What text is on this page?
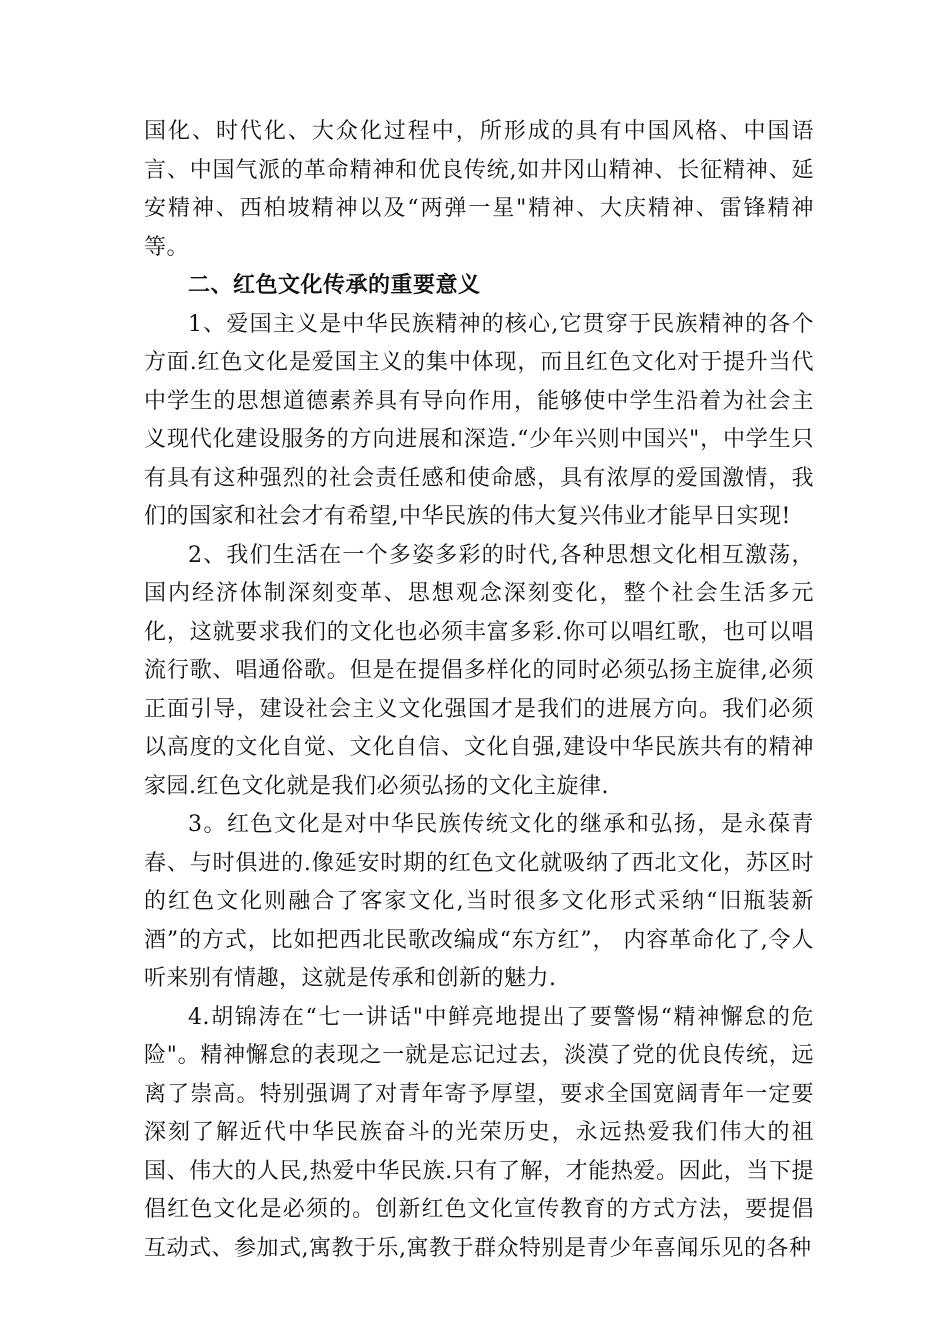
国化、时代化、大众化过程中，所形成的具有中国风格、中国语言、中国气派的革命精神和优良传统,如井冈山精神、长征精神、延安精神、西柏坡精神以及“两弹一星"精神、大庆精神、雷锋精神等。

二、红色文化传承的重要意义

1、爱国主义是中华民族精神的核心,它贯穿于民族精神的各个方面.红色文化是爱国主义的集中体现，而且红色文化对于提升当代中学生的思想道德素养具有导向作用，能够使中学生沿着为社会主义现代化建设服务的方向进展和深造.“少年兴则中国兴"，中学生只有具有这种强烈的社会责任感和使命感，具有浓厚的爱国激情，我们的国家和社会才有希望,中华民族的伟大复兴伟业才能早日实现!

2、我们生活在一个多姿多彩的时代,各种思想文化相互激荡，国内经济体制深刻变革、思想观念深刻变化，整个社会生活多元化，这就要求我们的文化也必须丰富多彩.你可以唱红歌，也可以唱流行歌、唱通俗歌。但是在提倡多样化的同时必须弘扬主旋律,必须正面引导，建设社会主义文化强国才是我们的进展方向。我们必须以高度的文化自觉、文化自信、文化自强,建设中华民族共有的精神家园.红色文化就是我们必须弘扬的文化主旋律.

3。红色文化是对中华民族传统文化的继承和弘扬，是永葆青春、与时俱进的.像延安时期的红色文化就吸纳了西北文化，苏区时的红色文化则融合了客家文化,当时很多文化形式采纳“旧瓶装新酒”的方式，比如把西北民歌改编成“东方红”， 内容革命化了,令人听来别有情趣，这就是传承和创新的魅力.

4.胡锦涛在“七一讲话"中鲜亮地提出了要警惕“精神懈怠的危险"。精神懈怠的表现之一就是忘记过去，淡漠了党的优良传统，远离了崇高。特别强调了对青年寄予厚望，要求全国宽阔青年一定要深刻了解近代中华民族奋斗的光荣历史，永远热爱我们伟大的祖国、伟大的人民,热爱中华民族.只有了解，才能热爱。因此，当下提倡红色文化是必须的。创新红色文化宣传教育的方式方法，要提倡互动式、参加式,寓教于乐,寓教于群众特别是青少年喜闻乐见的各种
